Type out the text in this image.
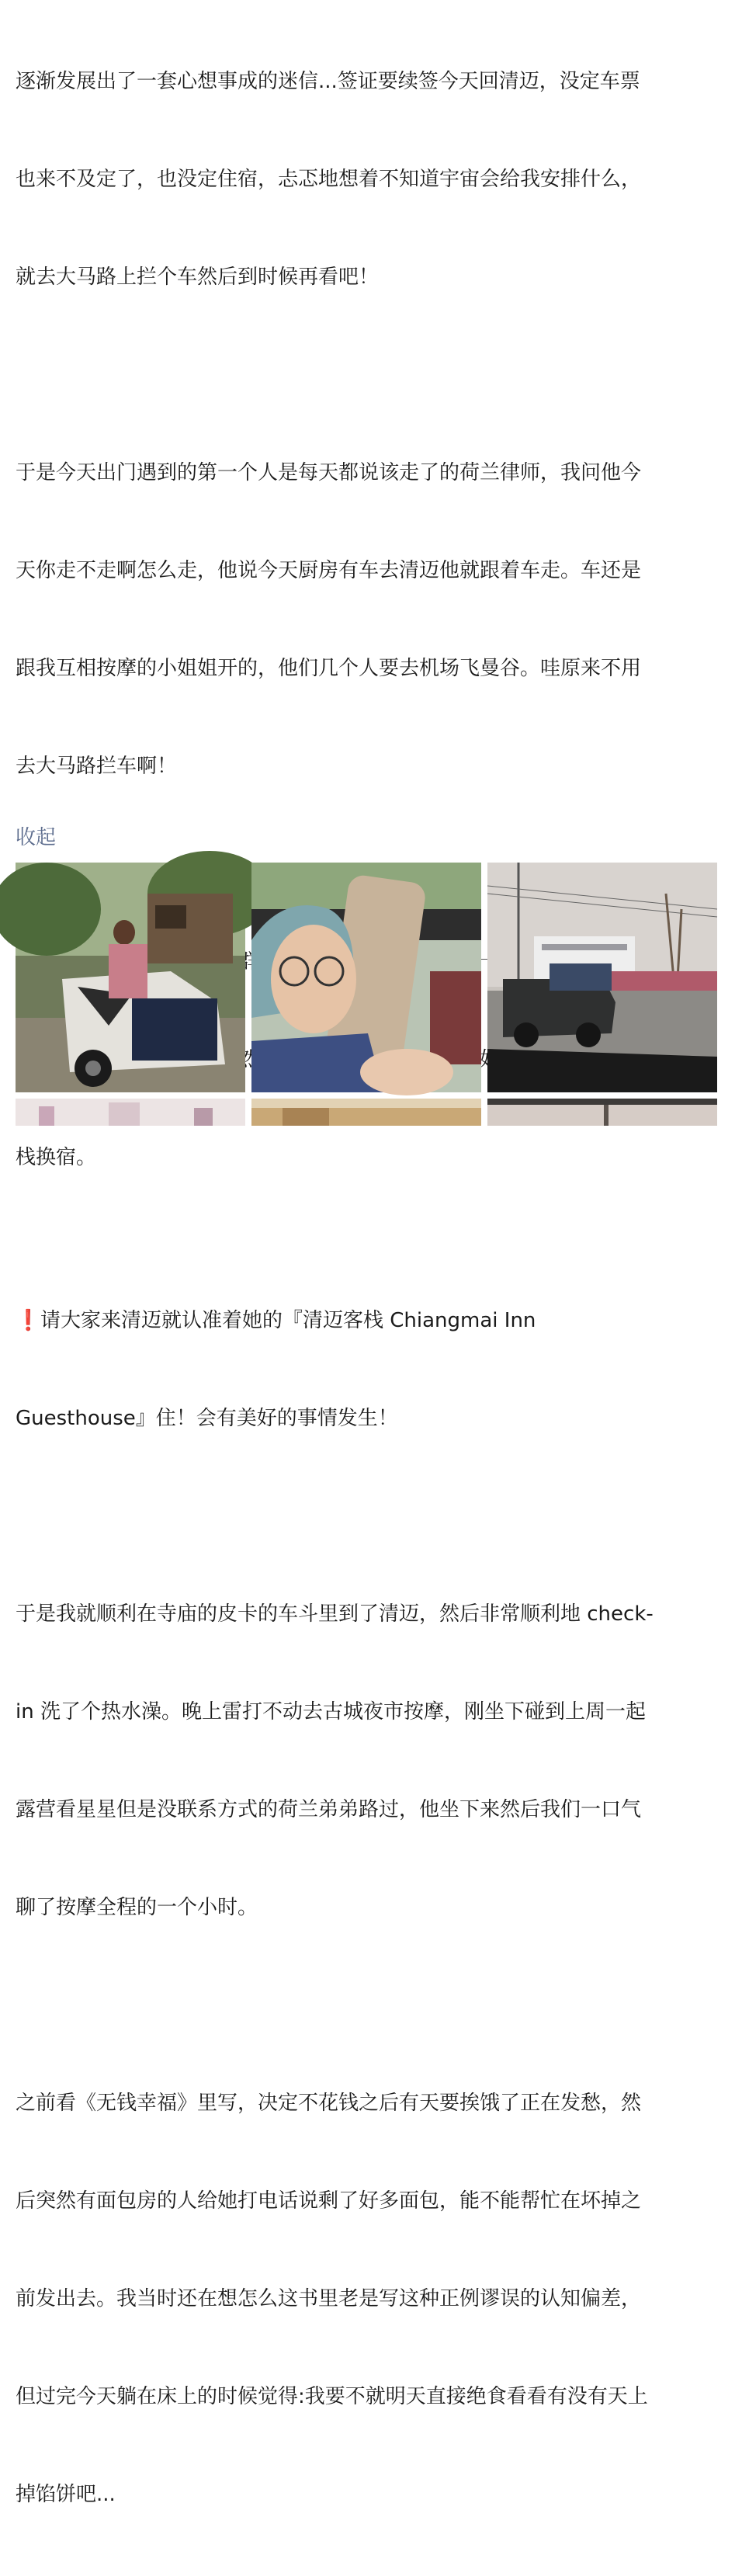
逐渐发展出了一套心想事成的迷信...签证要续签今天回清迈，没定车票

也来不及定了，也没定住宿，忐忑地想着不知道宇宙会给我安排什么，

就去大马路上拦个车然后到时候再看吧！

于是今天出门遇到的第一个人是每天都说该走了的荷兰律师，我问他今

天你走不走啊怎么走，他说今天厨房有车去清迈他就跟着车走。车还是

跟我互相按摩的小姐姐开的，他们几个人要去机场飞曼谷。哇原来不用

去大马路拦车啊！

栈换宿。

❗请大家来清迈就认准着她的『清迈客栈 Chiangmai Inn

Guesthouse』住！会有美好的事情发生！

于是我就顺利在寺庙的皮卡的车斗里到了清迈，然后非常顺利地 check-

in 洗了个热水澡。晚上雷打不动去古城夜市按摩，刚坐下碰到上周一起

露营看星星但是没联系方式的荷兰弟弟路过，他坐下来然后我们一口气

聊了按摩全程的一个小时。

之前看《无钱幸福》里写，决定不花钱之后有天要挨饿了正在发愁，然

后突然有面包房的人给她打电话说剩了好多面包，能不能帮忙在坏掉之

前发出去。我当时还在想怎么这书里老是写这种正例谬误的认知偏差，

但过完今天躺在床上的时候觉得:我要不就明天直接绝食看看有没有天上

掉馅饼吧...

收起
